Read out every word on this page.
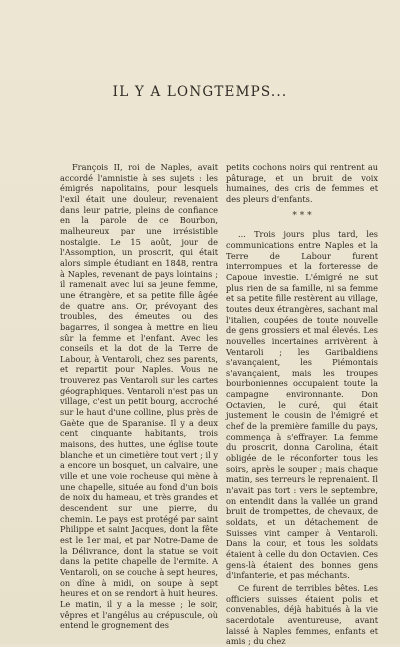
IL Y A LONGTEMPS...

François II, roi de Naples, avait accordé l'amnistie à ses sujets : les émigrés napolitains, pour lesquels l'exil était une douleur, revenaient dans leur patrie, pleins de confiance en la parole de ce Bourbon, malheureux par une irrésistible nostalgie. Le 15 août, jour de l'Assomption, un proscrit, qui était alors simple étudiant en 1848, rentra à Naples, revenant de pays lointains ; il ramenait avec lui sa jeune femme, une étrangère, et sa petite fille âgée de quatre ans. Or, prévoyant des troubles, des émeutes ou des bagarres, il songea à mettre en lieu sûr la femme et l'enfant. Avec les conseils et la dot de la Terre de Labour, à Ventaroli, chez ses parents, et repartit pour Naples. Vous ne trouverez pas Ventaroli sur les cartes géographiques. Ventaroli n'est pas un village, c'est un petit bourg, accroché sur le haut d'une colline, plus près de Gaète que de Sparanise. Il y a deux cent cinquante habitants, trois maisons, des huttes, une église toute blanche et un cimetière tout vert ; il y a encore un bosquet, un calvaire, une ville et une voie rocheuse qui mène à une chapelle, située au fond d'un bois de noix du hameau, et très grandes et descendent sur une pierre, du chemin. Le pays est protégé par saint Philippe et saint Jacques, dont la fête est le 1er mai, et par Notre-Dame de la Délivrance, dont la statue se voit dans la petite chapelle de l'ermite. A Ventaroli, on se couche à sept heures, on dîne à midi, on soupe à sept heures et on se rendort à huit heures. Le matin, il y a la messe ; le soir, vêpres et l'angélus au crépuscule, où entend le grognement des

petits cochons noirs qui rentrent au pâturage, et un bruit de voix humaines, des cris de femmes et des pleurs d'enfants.

* * *

... Trois jours plus tard, les communications entre Naples et la Terre de Labour furent interrompues et la forteresse de Capoue investie. L'émigré ne sut plus rien de sa famille, ni sa femme et sa petite fille restèrent au village, toutes deux étrangères, sachant mal l'italien, coupées de toute nouvelle de gens grossiers et mal élevés. Les nouvelles incertaines arrivèrent à Ventaroli ; les Garibaldiens s'avançaient, les Piémontais s'avançaient, mais les troupes bourboniennes occupaient toute la campagne environnante. Don Octavien, le curé, qui était justement le cousin de l'émigré et chef de la première famille du pays, commença à s'effrayer. La femme du proscrit, donna Carolina, était obligée de le réconforter tous les soirs, après le souper ; mais chaque matin, ses terreurs le reprenaient. Il n'avait pas tort : vers le septembre, on entendit dans la vallée un grand bruit de trompettes, de chevaux, de soldats, et un détachement de Suisses vint camper à Ventaroli. Dans la cour, et tous les soldats étaient à celle du don Octavien. Ces gens-là étaient des bonnes gens d'infanterie, et pas méchants.

Ce furent de terribles bêtes. Les officiers suisses étaient polis et convenables, déjà habitués à la vie sacerdotale aventureuse, avant laissé à Naples femmes, enfants et amis ; du chez
